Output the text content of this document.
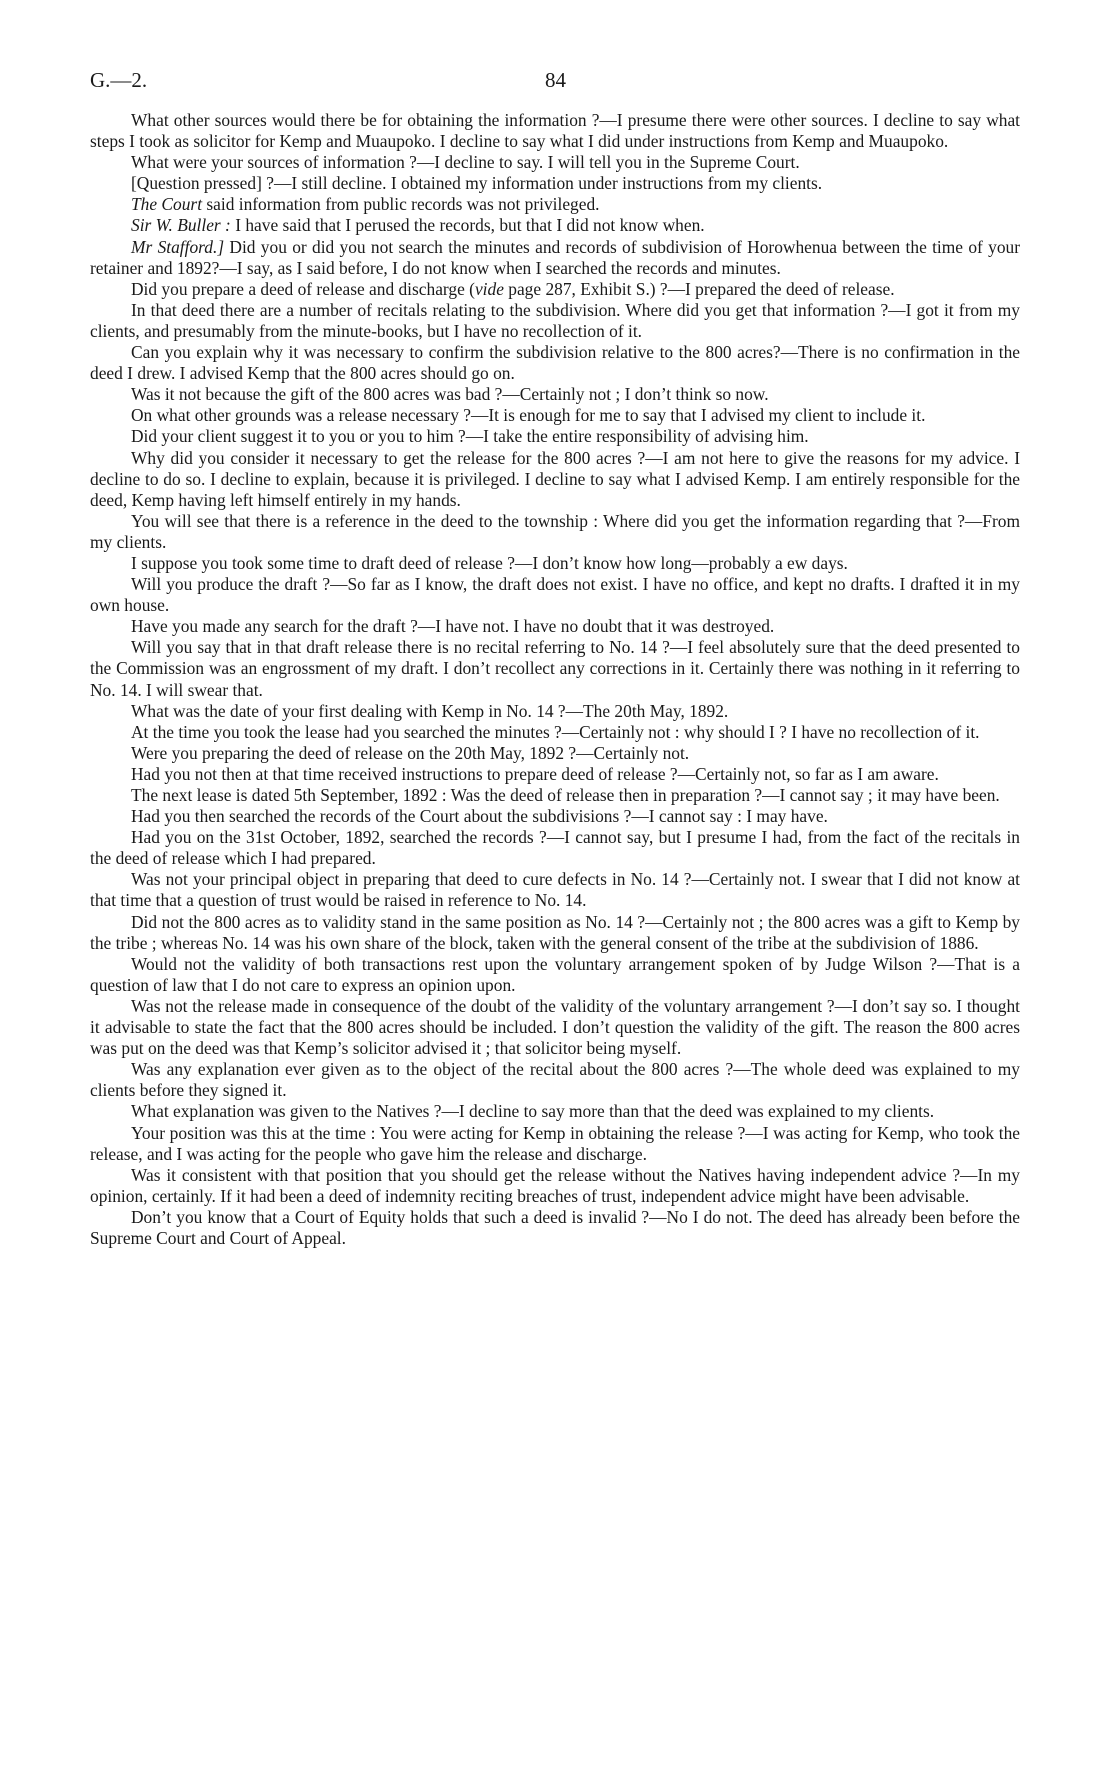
G.—2.	84

What other sources would there be for obtaining the information ?—I presume there were other sources. I decline to say what steps I took as solicitor for Kemp and Muaupoko. I decline to say what I did under instructions from Kemp and Muaupoko.

What were your sources of information ?—I decline to say. I will tell you in the Supreme Court.

[Question pressed] ?—I still decline. I obtained my information under instructions from my clients.

The Court said information from public records was not privileged.

Sir W. Buller : I have said that I perused the records, but that I did not know when.

Mr Stafford.] Did you or did you not search the minutes and records of subdivision of Horowhenua between the time of your retainer and 1892?—I say, as I said before, I do not know when I searched the records and minutes.

Did you prepare a deed of release and discharge (vide page 287, Exhibit S.) ?—I prepared the deed of release.

In that deed there are a number of recitals relating to the subdivision. Where did you get that information ?—I got it from my clients, and presumably from the minute-books, but I have no recollection of it.

Can you explain why it was necessary to confirm the subdivision relative to the 800 acres?—There is no confirmation in the deed I drew. I advised Kemp that the 800 acres should go on.

Was it not because the gift of the 800 acres was bad ?—Certainly not ; I don’t think so now.

On what other grounds was a release necessary ?—It is enough for me to say that I advised my client to include it.

Did your client suggest it to you or you to him ?—I take the entire responsibility of advising him.

Why did you consider it necessary to get the release for the 800 acres ?—I am not here to give the reasons for my advice. I decline to do so. I decline to explain, because it is privileged. I decline to say what I advised Kemp. I am entirely responsible for the deed, Kemp having left himself entirely in my hands.

You will see that there is a reference in the deed to the township : Where did you get the information regarding that ?—From my clients.

I suppose you took some time to draft deed of release ?—I don’t know how long—probably a ew days.

Will you produce the draft ?—So far as I know, the draft does not exist. I have no office, and kept no drafts. I drafted it in my own house.

Have you made any search for the draft ?—I have not. I have no doubt that it was destroyed.

Will you say that in that draft release there is no recital referring to No. 14 ?—I feel absolutely sure that the deed presented to the Commission was an engrossment of my draft. I don’t recollect any corrections in it. Certainly there was nothing in it referring to No. 14. I will swear that.

What was the date of your first dealing with Kemp in No. 14 ?—The 20th May, 1892.

At the time you took the lease had you searched the minutes ?—Certainly not : why should I ? I have no recollection of it.

Were you preparing the deed of release on the 20th May, 1892 ?—Certainly not.

Had you not then at that time received instructions to prepare deed of release ?—Certainly not, so far as I am aware.

The next lease is dated 5th September, 1892 : Was the deed of release then in preparation ?—I cannot say ; it may have been.

Had you then searched the records of the Court about the subdivisions ?—I cannot say : I may have.

Had you on the 31st October, 1892, searched the records ?—I cannot say, but I presume I had, from the fact of the recitals in the deed of release which I had prepared.

Was not your principal object in preparing that deed to cure defects in No. 14 ?—Certainly not. I swear that I did not know at that time that a question of trust would be raised in reference to No. 14.

Did not the 800 acres as to validity stand in the same position as No. 14 ?—Certainly not ; the 800 acres was a gift to Kemp by the tribe ; whereas No. 14 was his own share of the block, taken with the general consent of the tribe at the subdivision of 1886.

Would not the validity of both transactions rest upon the voluntary arrangement spoken of by Judge Wilson ?—That is a question of law that I do not care to express an opinion upon.

Was not the release made in consequence of the doubt of the validity of the voluntary arrangement ?—I don’t say so. I thought it advisable to state the fact that the 800 acres should be included. I don’t question the validity of the gift. The reason the 800 acres was put on the deed was that Kemp’s solicitor advised it ; that solicitor being myself.

Was any explanation ever given as to the object of the recital about the 800 acres ?—The whole deed was explained to my clients before they signed it.

What explanation was given to the Natives ?—I decline to say more than that the deed was explained to my clients.

Your position was this at the time : You were acting for Kemp in obtaining the release ?—I was acting for Kemp, who took the release, and I was acting for the people who gave him the release and discharge.

Was it consistent with that position that you should get the release without the Natives having independent advice ?—In my opinion, certainly. If it had been a deed of indemnity reciting breaches of trust, independent advice might have been advisable.

Don’t you know that a Court of Equity holds that such a deed is invalid ?—No I do not. The deed has already been before the Supreme Court and Court of Appeal.
